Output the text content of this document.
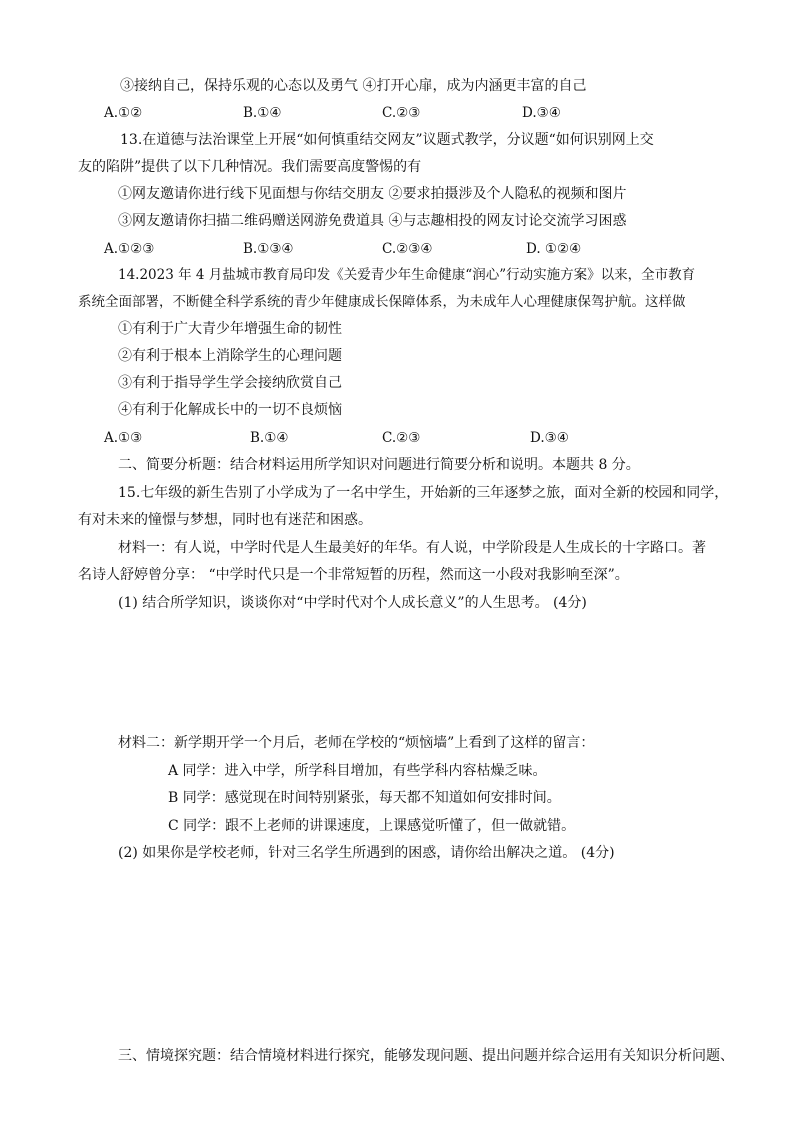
③接纳自己，保持乐观的心态以及勇气 ④打开心扉，成为内涵更丰富的自己
A.①②	B.①④	C.②③	D.③④
13.在道德与法治课堂上开展“如何慎重结交网友”议题式教学，分议题“如何识别网上交
友的陷阱”提供了以下几种情况。我们需要高度警惕的有
①网友邀请你进行线下见面想与你结交朋友 ②要求拍摄涉及个人隐私的视频和图片
③网友邀请你扫描二维码赠送网游免费道具 ④与志趣相投的网友讨论交流学习困惑
A.①②③	B.①③④	C.②③④	D. ①②④
14.2023 年 4 月盐城市教育局印发《关爱青少年生命健康“润心”行动实施方案》以来，全市教育
系统全面部署，不断健全科学系统的青少年健康成长保障体系，为未成年人心理健康保驾护航。这样做
①有利于广大青少年增强生命的韧性
②有利于根本上消除学生的心理问题
③有利于指导学生学会接纳欣赏自己
④有利于化解成长中的一切不良烦恼
A.①③	B.①④	C.②③	D.③④
二、简要分析题：结合材料运用所学知识对问题进行简要分析和说明。本题共 8 分。
15.七年级的新生告别了小学成为了一名中学生，开始新的三年逐梦之旅，面对全新的校园和同学，
有对未来的憧憬与梦想，同时也有迷茫和困惑。
材料一：有人说，中学时代是人生最美好的年华。有人说，中学阶段是人生成长的十字路口。著
名诗人舒婷曾分享： “中学时代只是一个非常短暂的历程，然而这一小段对我影响至深”。
(1) 结合所学知识，谈谈你对“中学时代对个人成长意义”的人生思考。 (4分)
材料二：新学期开学一个月后，老师在学校的“烦恼墙”上看到了这样的留言：
A 同学：进入中学，所学科目增加，有些学科内容枯燥乏味。
B 同学：感觉现在时间特别紧张，每天都不知道如何安排时间。
C 同学：跟不上老师的讲课速度，上课感觉听懂了，但一做就错。
(2) 如果你是学校老师，针对三名学生所遇到的困惑，请你给出解决之道。 (4分)
三、情境探究题：结合情境材料进行探究，能够发现问题、提出问题并综合运用有关知识分析问题、
